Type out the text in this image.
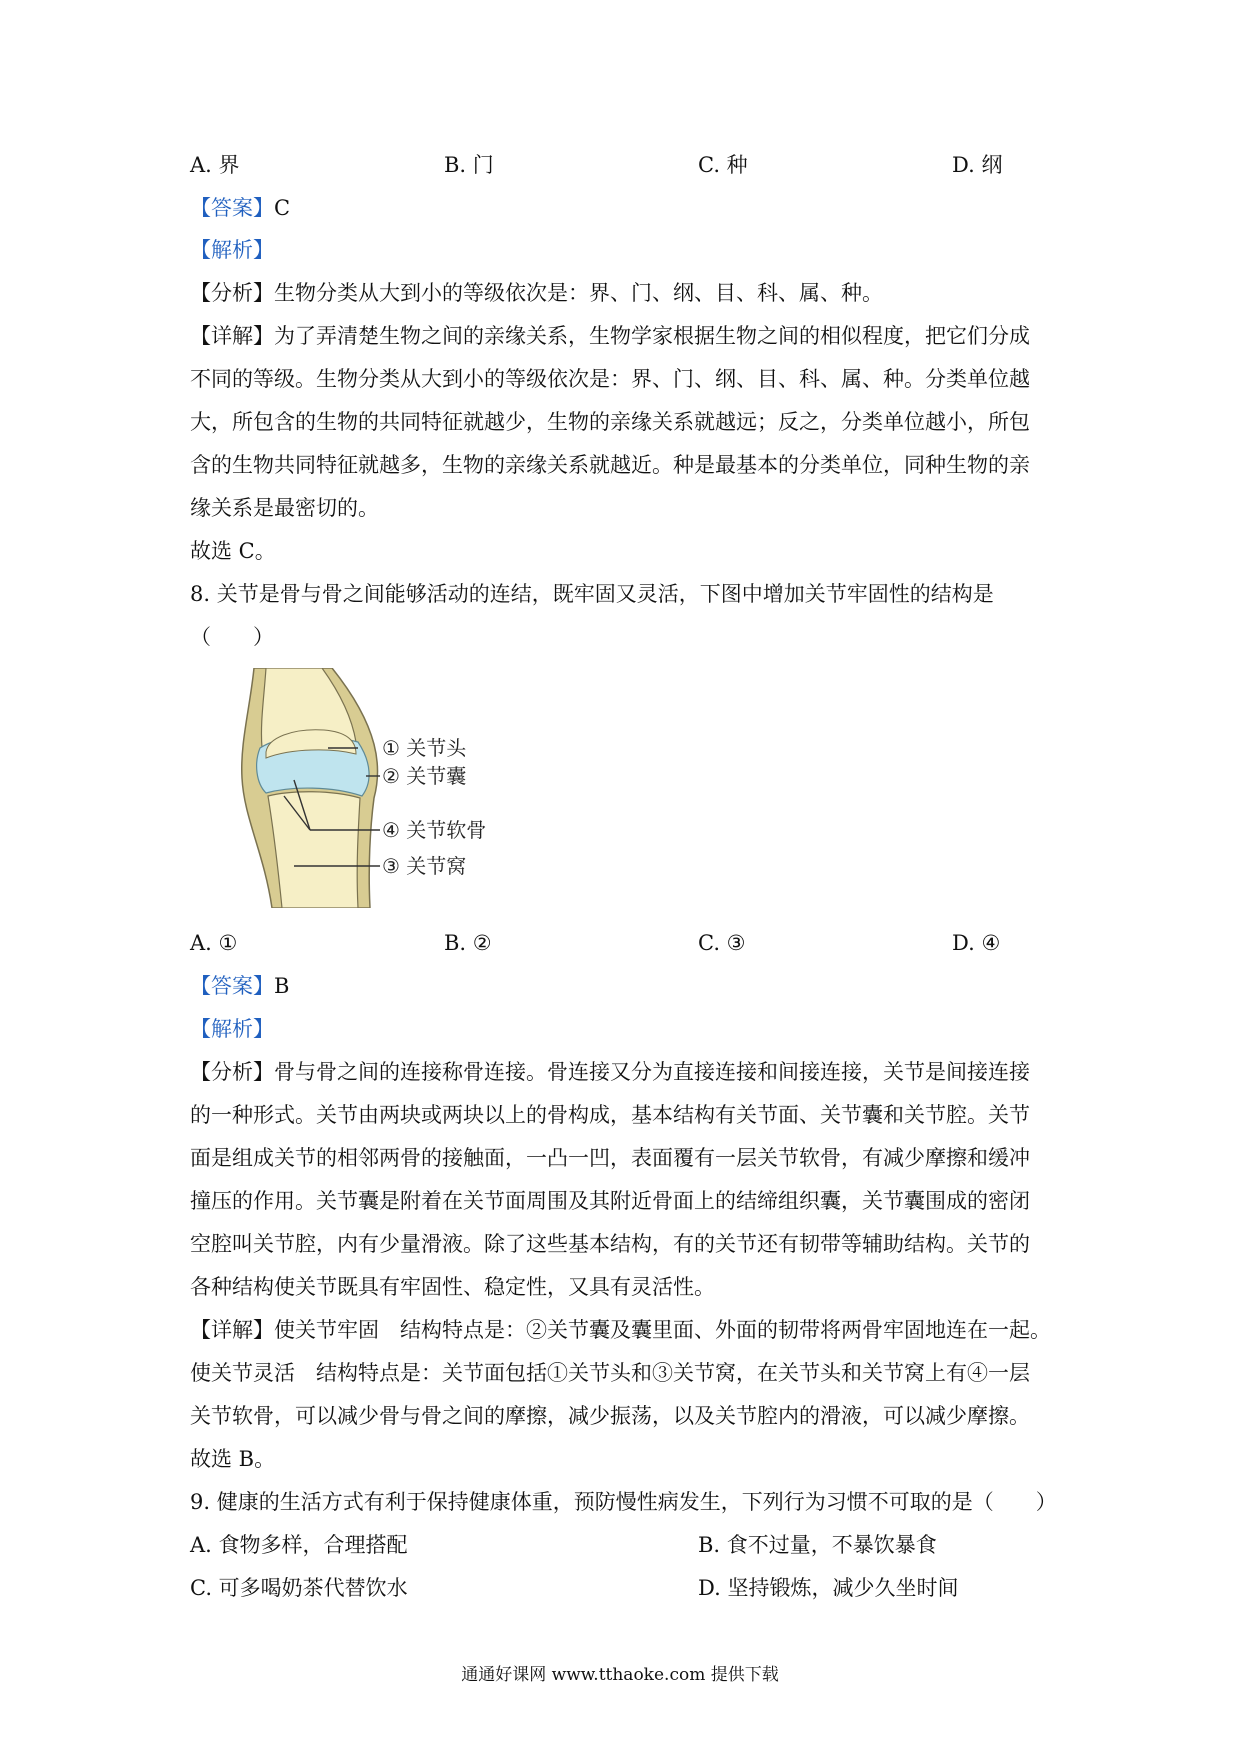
A. 界	B. 门	C. 种	D. 纲
【答案】C
【解析】
【分析】生物分类从大到小的等级依次是：界、门、纲、目、科、属、种。
【详解】为了弄清楚生物之间的亲缘关系，生物学家根据生物之间的相似程度，把它们分成
不同的等级。生物分类从大到小的等级依次是：界、门、纲、目、科、属、种。分类单位越
大，所包含的生物的共同特征就越少，生物的亲缘关系就越远；反之，分类单位越小，所包
含的生物共同特征就越多，生物的亲缘关系就越近。种是最基本的分类单位，同种生物的亲
缘关系是最密切的。
故选 C。
8. 关节是骨与骨之间能够活动的连结，既牢固又灵活，下图中增加关节牢固性的结构是
（　　）
① 关节头
② 关节囊
④ 关节软骨
③ 关节窝
A. ①	B. ②	C. ③	D. ④
【答案】B
【解析】
【分析】骨与骨之间的连接称骨连接。骨连接又分为直接连接和间接连接，关节是间接连接
的一种形式。关节由两块或两块以上的骨构成，基本结构有关节面、关节囊和关节腔。关节
面是组成关节的相邻两骨的接触面，一凸一凹，表面覆有一层关节软骨，有减少摩擦和缓冲
撞压的作用。关节囊是附着在关节面周围及其附近骨面上的结缔组织囊，关节囊围成的密闭
空腔叫关节腔，内有少量滑液。除了这些基本结构，有的关节还有韧带等辅助结构。关节的
各种结构使关节既具有牢固性、稳定性，又具有灵活性。
【详解】使关节牢固　结构特点是：②关节囊及囊里面、外面的韧带将两骨牢固地连在一起。
使关节灵活　结构特点是：关节面包括①关节头和③关节窝，在关节头和关节窝上有④一层
关节软骨，可以减少骨与骨之间的摩擦，减少振荡，以及关节腔内的滑液，可以减少摩擦。
故选 B。
9. 健康的生活方式有利于保持健康体重，预防慢性病发生，下列行为习惯不可取的是（　　）
A. 食物多样，合理搭配	B. 食不过量，不暴饮暴食
C. 可多喝奶茶代替饮水	D. 坚持锻炼，减少久坐时间
通通好课网 www.tthaoke.com 提供下载
